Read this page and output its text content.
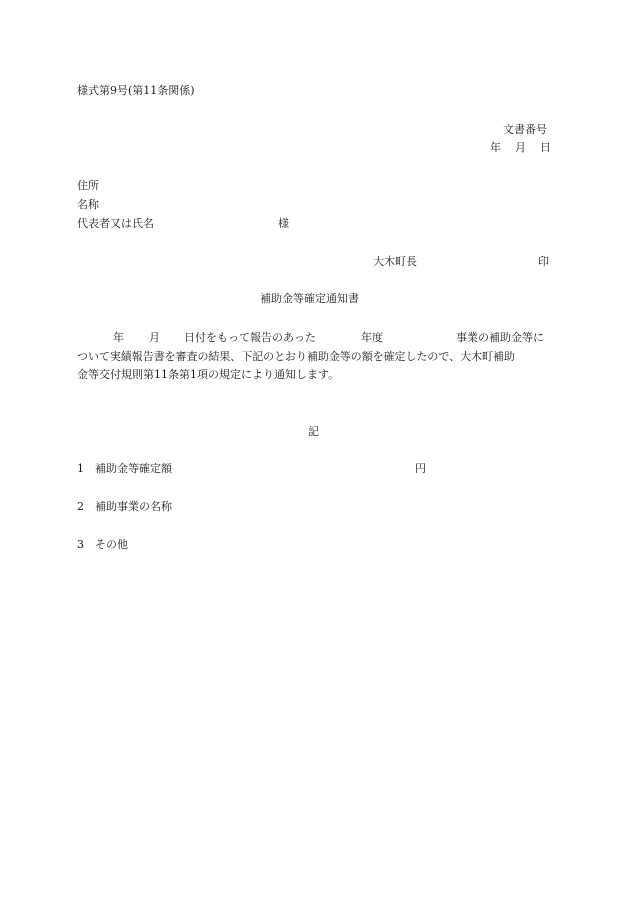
様式第9号(第11条関係)
文書番号
年 月 日
住所
名称
代表者又は氏名	様
大木町長	印
補助金等確定通知書
年 月 日付をもって報告のあった	年度	事業の補助金等に
ついて実績報告書を審査の結果、下記のとおり補助金等の額を確定したので、大木町補助
金等交付規則第11条第1項の規定により通知します。
記
1 補助金等確定額	円
2 補助事業の名称
3 その他
